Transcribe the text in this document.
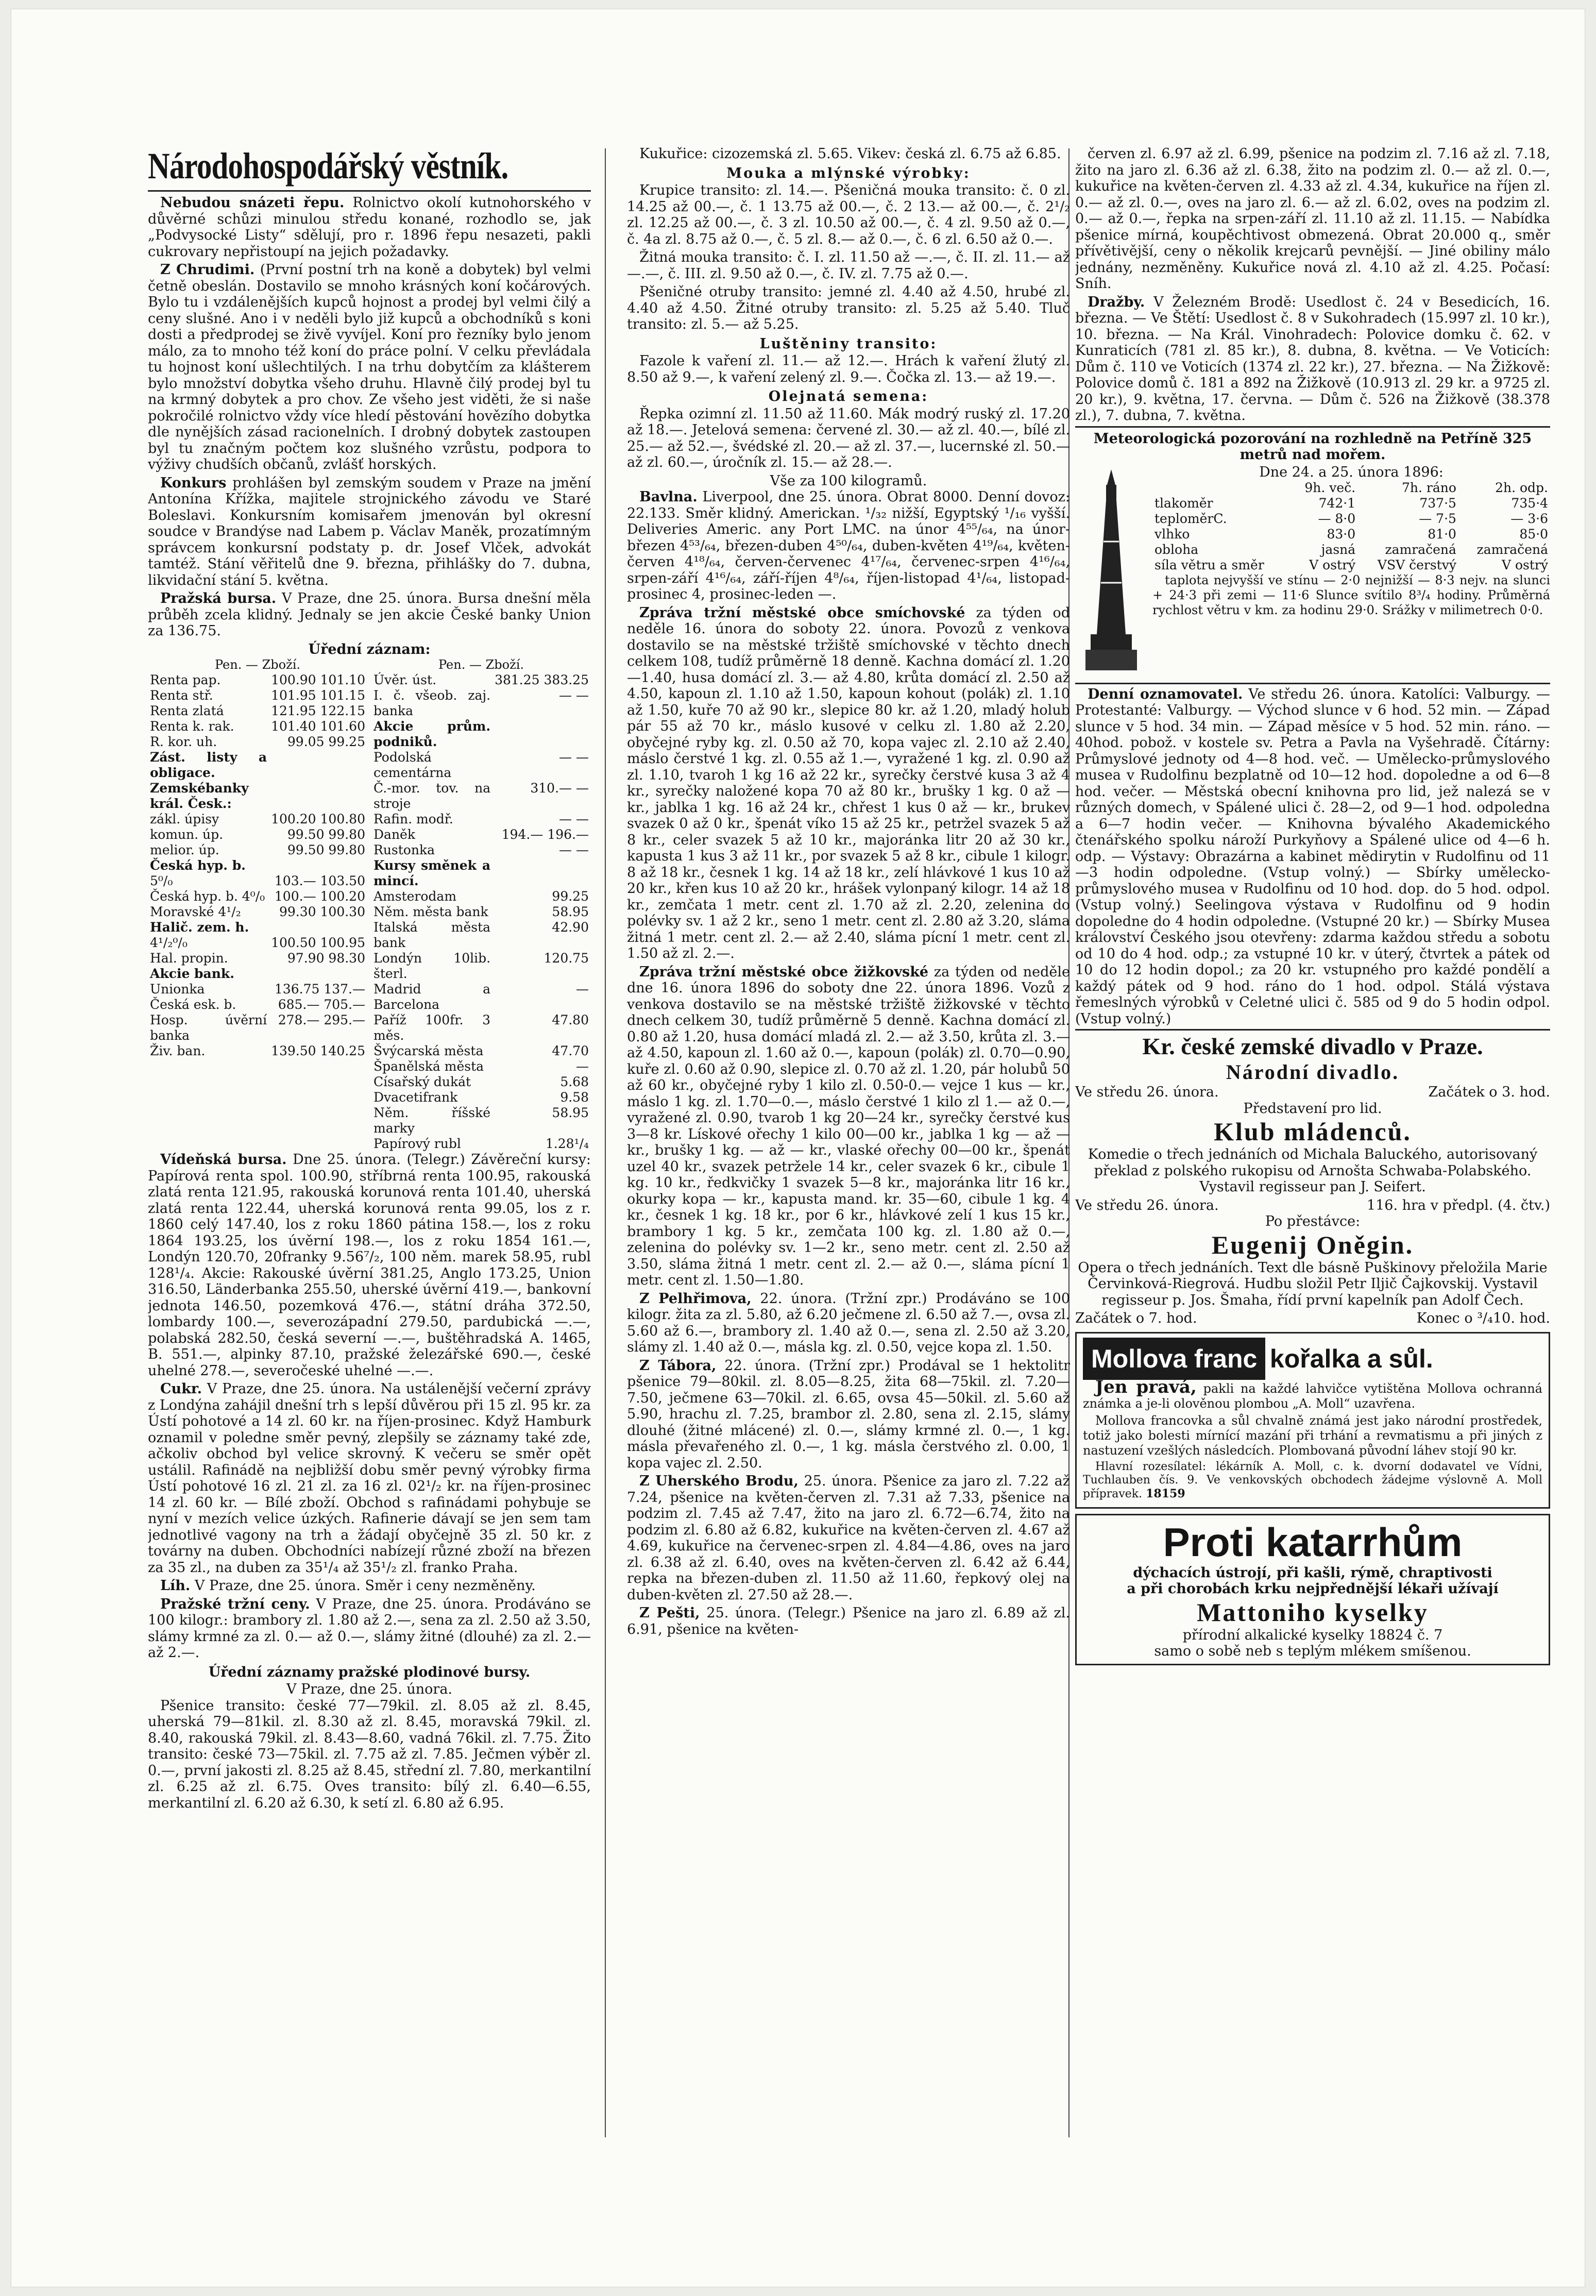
Národohospodářský věstník.

Nebudou snázeti řepu. Rolnictvo okolí kutnohorského v důvěrné schůzi minulou středu konané, rozhodlo se, jak „Podvysocké Listy“ sdělují, pro r. 1896 řepu nesazeti, pakli cukrovary nepřistoupí na jejich požadavky.

Z Chrudimi. (První postní trh na koně a dobytek) byl velmi četně obeslán. Dostavilo se mnoho krásných koní kočárových. Bylo tu i vzdálenějších kupců hojnost a prodej byl velmi čilý a ceny slušné. Ano i v neděli bylo již kupců a obchodníků s koni dosti a předprodej se živě vyvíjel. Koní pro řezníky bylo jenom málo, za to mnoho též koní do práce polní. V celku převládala tu hojnost koní ušlechtilých. I na trhu dobytčím za klášterem bylo množství dobytka všeho druhu. Hlavně čilý prodej byl tu na krmný dobytek a pro chov. Ze všeho jest viděti, že si naše pokročilé rolnictvo vždy více hledí pěstování hovězího dobytka dle nynějších zásad racionelních. I drobný dobytek zastoupen byl tu značným počtem koz slušného vzrůstu, podpora to výživy chudších občanů, zvlášť horských.

Konkurs prohlášen byl zemským soudem v Praze na jmění Antonína Křížka, majitele strojnického závodu ve Staré Boleslavi. Konkursním komisařem jmenován byl okresní soudce v Brandýse nad Labem p. Václav Maněk, prozatímným správcem konkursní podstaty p. dr. Josef Vlček, advokát tamtéž. Stání věřitelů dne 9. března, přihlášky do 7. dubna, likvidační stání 5. května.

Pražská bursa. V Praze, dne 25. února. Bursa dnešní měla průběh zcela klidný. Jednaly se jen akcie České banky Union za 136.75.

Úřední záznam:
Pen. — Zboží.
Renta pap.	100.90 101.10
Renta stř.	101.95 101.15
Renta zlatá	121.95 122.15
Renta k. rak.	101.40 101.60
R. kor. uh.	99.05 99.25
Zást. listy a obligace.	
Zemskébanky král. Česk.:	
zákl. úpisy	100.20 100.80
komun. úp.	99.50 99.80
melior. úp.	99.50 99.80
Česká hyp. b.	
5⁰/₀	103.— 103.50
Česká hyp. b. 4⁰/₀	100.— 100.20
Moravské 4¹/₂	99.30 100.30
Halič. zem. h.	
4¹/₂⁰/₀	100.50 100.95
Hal. propin.	97.90 98.30
Akcie bank.	
Unionka	136.75 137.—
Česká esk. b.	685.— 705.—
Hosp. úvěrní banka	278.— 295.—
Živ. ban.	139.50 140.25
Pen. — Zboží.
Úvěr. úst.	381.25 383.25
I. č. všeob. zaj. banka	— —
Akcie prům. podniků.	
Podolská cementárna	— —
Č.-mor. tov. na stroje	310.— —
Rafin. modř.	— —
Daněk	194.— 196.—
Rustonka	— —
Kursy směnek a mincí.	
Amsterodam	99.25
Něm. města bank	58.95
Italská města bank	42.90
Londýn 10lib. šterl.	120.75
Madrid a Barcelona	—
Paříž 100fr. 3 měs.	47.80
Švýcarská města	47.70
Španělská města	—
Císařský dukát	5.68
Dvacetifrank	9.58
Něm. říšské marky	58.95
Papírový rubl	1.28¹/₄

Vídeňská bursa. Dne 25. února. (Telegr.) Závěreční kursy: Papírová renta spol. 100.90, stříbrná renta 100.95, rakouská zlatá renta 121.95, rakouská korunová renta 101.40, uherská zlatá renta 122.44, uherská korunová renta 99.05, los z r. 1860 celý 147.40, los z roku 1860 pátina 158.—, los z roku 1864 193.25, los úvěrní 198.—, los z roku 1854 161.—, Londýn 120.70, 20franky 9.56⁷/₂, 100 něm. marek 58.95, rubl 128¹/₄. Akcie: Rakouské úvěrní 381.25, Anglo 173.25, Union 316.50, Länderbanka 255.50, uherské úvěrní 419.—, bankovní jednota 146.50, pozemková 476.—, státní dráha 372.50, lombardy 100.—, severozápadní 279.50, pardubická —.—, polabská 282.50, česká severní —.—, buštěhradská A. 1465, B. 551.—, alpinky 87.10, pražské železářské 690.—, české uhelné 278.—, severočeské uhelné —.—.

Cukr. V Praze, dne 25. února. Na ustálenější večerní zprávy z Londýna zahájil dnešní trh s lepší důvěrou při 15 zl. 95 kr. za Ústí pohotové a 14 zl. 60 kr. na říjen-prosinec. Když Hamburk oznamil v poledne směr pevný, zlepšily se záznamy také zde, ačkoliv obchod byl velice skrovný. K večeru se směr opět ustálil. Rafinádě na nejbližší dobu směr pevný výrobky firma Ústí pohotové 16 zl. 21 zl. za 16 zl. 02¹/₂ kr. na říjen-prosinec 14 zl. 60 kr. — Bílé zboží. Obchod s rafinádami pohybuje se nyní v mezích velice úzkých. Rafinerie dávají se jen sem tam jednotlivé vagony na trh a žádají obyčejně 35 zl. 50 kr. z továrny na duben. Obchodníci nabízejí různé zboží na březen za 35 zl., na duben za 35¹/₄ až 35¹/₂ zl. franko Praha.

Líh. V Praze, dne 25. února. Směr i ceny nezměněny.

Pražské tržní ceny. V Praze, dne 25. února. Prodáváno se 100 kilogr.: brambory zl. 1.80 až 2.—, sena za zl. 2.50 až 3.50, slámy krmné za zl. 0.— až 0.—, slámy žitné (dlouhé) za zl. 2.— až 2.—.

Úřední záznamy pražské plodinové bursy.
V Praze, dne 25. února.

Pšenice transito: české 77—79kil. zl. 8.05 až zl. 8.45, uherská 79—81kil. zl. 8.30 až zl. 8.45, moravská 79kil. zl. 8.40, rakouská 79kil. zl. 8.43—8.60, vadná 76kil. zl. 7.75. Žito transito: české 73—75kil. zl. 7.75 až zl. 7.85. Ječmen výběr zl. 0.—, první jakosti zl. 8.25 až 8.45, střední zl. 7.80, merkantilní zl. 6.25 až zl. 6.75. Oves transito: bílý zl. 6.40—6.55, merkantilní zl. 6.20 až 6.30, k setí zl. 6.80 až 6.95.

Kukuřice: cizozemská zl. 5.65. Vikev: česká zl. 6.75 až 6.85.

Mouka a mlýnské výrobky:

Krupice transito: zl. 14.—. Pšeničná mouka transito: č. 0 zl. 14.25 až 00.—, č. 1 13.75 až 00.—, č. 2 13.— až 00.—, č. 2¹/₂ zl. 12.25 až 00.—, č. 3 zl. 10.50 až 00.—, č. 4 zl. 9.50 až 0.—, č. 4a zl. 8.75 až 0.—, č. 5 zl. 8.— až 0.—, č. 6 zl. 6.50 až 0.—.

Žitná mouka transito: č. I. zl. 11.50 až —.—, č. II. zl. 11.— až —.—, č. III. zl. 9.50 až 0.—, č. IV. zl. 7.75 až 0.—.

Pšeničné otruby transito: jemné zl. 4.40 až 4.50, hrubé zl. 4.40 až 4.50. Žitné otruby transito: zl. 5.25 až 5.40. Tluč transito: zl. 5.— až 5.25.

Luštěniny transito:

Fazole k vaření zl. 11.— až 12.—. Hrách k vaření žlutý zl. 8.50 až 9.—, k vaření zelený zl. 9.—. Čočka zl. 13.— až 19.—.

Olejnatá semena:

Řepka ozimní zl. 11.50 až 11.60. Mák modrý ruský zl. 17.20 až 18.—. Jetelová semena: červené zl. 30.— až zl. 40.—, bílé zl. 25.— až 52.—, švédské zl. 20.— až zl. 37.—, lucernské zl. 50.— až zl. 60.—, úročník zl. 15.— až 28.—.

Vše za 100 kilogramů.

Bavlna. Liverpool, dne 25. února. Obrat 8000. Denní dovoz: 22.133. Směr klidný. Americkan. ¹/₃₂ nižší, Egyptský ¹/₁₆ vyšší. Deliveries Americ. any Port LMC. na únor 4⁵⁵/₆₄, na únor-březen 4⁵³/₆₄, březen-duben 4⁵⁰/₆₄, duben-květen 4¹⁹/₆₄, květen-červen 4¹⁸/₆₄, červen-červenec 4¹⁷/₆₄, červenec-srpen 4¹⁶/₆₄, srpen-září 4¹⁶/₆₄, září-říjen 4⁸/₆₄, říjen-listopad 4¹/₆₄, listopad-prosinec 4, prosinec-leden —.

Zpráva tržní městské obce smíchovské za týden od neděle 16. února do soboty 22. února. Povozů z venkova dostavilo se na městské tržiště smíchovské v těchto dnech celkem 108, tudíž průměrně 18 denně. Kachna domácí zl. 1.20—1.40, husa domácí zl. 3.— až 4.80, krůta domácí zl. 2.50 až 4.50, kapoun zl. 1.10 až 1.50, kapoun kohout (polák) zl. 1.10 až 1.50, kuře 70 až 90 kr., slepice 80 kr. až 1.20, mladý holub pár 55 až 70 kr., máslo kusové v celku zl. 1.80 až 2.20, obyčejné ryby kg. zl. 0.50 až 70, kopa vajec zl. 2.10 až 2.40, máslo čerstvé 1 kg. zl. 0.55 až 1.—, vyražené 1 kg. zl. 0.90 až zl. 1.10, tvaroh 1 kg 16 až 22 kr., syrečky čerstvé kusa 3 až 4 kr., syrečky naložené kopa 70 až 80 kr., brušky 1 kg. 0 až — kr., jablka 1 kg. 16 až 24 kr., chřest 1 kus 0 až — kr., brukev svazek 0 až 0 kr., špenát víko 15 až 25 kr., petržel svazek 5 až 8 kr., celer svazek 5 až 10 kr., majoránka litr 20 až 30 kr., kapusta 1 kus 3 až 11 kr., por svazek 5 až 8 kr., cibule 1 kilogr. 8 až 18 kr., česnek 1 kg. 14 až 18 kr., zelí hlávkové 1 kus 10 až 20 kr., křen kus 10 až 20 kr., hrášek vylonpaný kilogr. 14 až 18 kr., zemčata 1 metr. cent zl. 1.70 až zl. 2.20, zelenina do polévky sv. 1 až 2 kr., seno 1 metr. cent zl. 2.80 až 3.20, sláma žitná 1 metr. cent zl. 2.— až 2.40, sláma pícní 1 metr. cent zl. 1.50 až zl. 2.—.

Zpráva tržní městské obce žižkovské za týden od neděle dne 16. února 1896 do soboty dne 22. února 1896. Vozů z venkova dostavilo se na městské tržiště žižkovské v těchto dnech celkem 30, tudíž průměrně 5 denně. Kachna domácí zl. 0.80 až 1.20, husa domácí mladá zl. 2.— až 3.50, krůta zl. 3.— až 4.50, kapoun zl. 1.60 až 0.—, kapoun (polák) zl. 0.70—0.90, kuře zl. 0.60 až 0.90, slepice zl. 0.70 až zl. 1.20, pár holubů 50 až 60 kr., obyčejné ryby 1 kilo zl. 0.50-0.— vejce 1 kus — kr., máslo 1 kg. zl. 1.70—0.—, máslo čerstvé 1 kilo zl 1.— až 0.—, vyražené zl. 0.90, tvarob 1 kg 20—24 kr., syrečky čerstvé kus 3—8 kr. Lískové ořechy 1 kilo 00—00 kr., jablka 1 kg — až — kr., brušky 1 kg. — až — kr., vlaské ořechy 00—00 kr., špenát uzel 40 kr., svazek petržele 14 kr., celer svazek 6 kr., cibule 1 kg. 10 kr., ředkvičky 1 svazek 5—8 kr., majoránka litr 16 kr., okurky kopa — kr., kapusta mand. kr. 35—60, cibule 1 kg. 4 kr., česnek 1 kg. 18 kr., por 6 kr., hlávkové zelí 1 kus 15 kr., brambory 1 kg. 5 kr., zemčata 100 kg. zl. 1.80 až 0.—, zelenina do polévky sv. 1—2 kr., seno metr. cent zl. 2.50 až 3.50, sláma žitná 1 metr. cent zl. 2.— až 0.—, sláma pícní 1 metr. cent zl. 1.50—1.80.

Z Pelhřimova, 22. února. (Tržní zpr.) Prodáváno se 100 kilogr. žita za zl. 5.80, až 6.20 ječmene zl. 6.50 až 7.—, ovsa zl. 5.60 až 6.—, brambory zl. 1.40 až 0.—, sena zl. 2.50 až 3.20, slámy zl. 1.40 až 0.—, másla kg. zl. 0.50, vejce kopa zl. 1.50.

Z Tábora, 22. února. (Tržní zpr.) Prodával se 1 hektolitr pšenice 79—80kil. zl. 8.05—8.25, žita 68—75kil. zl. 7.20—7.50, ječmene 63—70kil. zl. 6.65, ovsa 45—50kil. zl. 5.60 až 5.90, hrachu zl. 7.25, brambor zl. 2.80, sena zl. 2.15, slámy dlouhé (žitné mlácené) zl. 0.—, slámy krmné zl. 0.—, 1 kg. másla převařeného zl. 0.—, 1 kg. másla čerstvého zl. 0.00, 1 kopa vajec zl. 2.50.

Z Uherského Brodu, 25. února. Pšenice za jaro zl. 7.22 až 7.24, pšenice na květen-červen zl. 7.31 až 7.33, pšenice na podzim zl. 7.45 až 7.47, žito na jaro zl. 6.72—6.74, žito na podzim zl. 6.80 až 6.82, kukuřice na květen-červen zl. 4.67 až 4.69, kukuřice na červenec-srpen zl. 4.84—4.86, oves na jaro zl. 6.38 až zl. 6.40, oves na květen-červen zl. 6.42 až 6.44, repka na březen-duben zl. 11.50 až 11.60, řepkový olej na duben-květen zl. 27.50 až 28.—.

Z Pešti, 25. února. (Telegr.) Pšenice na jaro zl. 6.89 až zl. 6.91, pšenice na květen-

červen zl. 6.97 až zl. 6.99, pšenice na podzim zl. 7.16 až zl. 7.18, žito na jaro zl. 6.36 až zl. 6.38, žito na podzim zl. 0.— až zl. 0.—, kukuřice na květen-červen zl. 4.33 až zl. 4.34, kukuřice na říjen zl. 0.— až zl. 0.—, oves na jaro zl. 6.— až zl. 6.02, oves na podzim zl. 0.— až 0.—, řepka na srpen-září zl. 11.10 až zl. 11.15. — Nabídka pšenice mírná, koupěchtivost obmezená. Obrat 20.000 q., směr přívětivější, ceny o několik krejcarů pevnější. — Jiné obiliny málo jednány, nezměněny. Kukuřice nová zl. 4.10 až zl. 4.25. Počasí: Sníh.

Dražby. V Železném Brodě: Usedlost č. 24 v Besedicích, 16. března. — Ve Štětí: Usedlost č. 8 v Sukohradech (15.997 zl. 10 kr.), 10. března. — Na Král. Vinohradech: Polovice domku č. 62. v Kunraticích (781 zl. 85 kr.), 8. dubna, 8. května. — Ve Voticích: Dům č. 110 ve Voticích (1374 zl. 22 kr.), 27. března. — Na Žižkově: Polovice domů č. 181 a 892 na Žižkově (10.913 zl. 29 kr. a 9725 zl. 20 kr.), 9. května, 17. června. — Dům č. 526 na Žižkově (38.378 zl.), 7. dubna, 7. května.

Meteorologická pozorování na rozhledně na Petříně 325 metrů nad mořem.
Dne 24. a 25. února 1896:
	9h. več.	7h. ráno	2h. odp.
tlakoměr	742·1	737·5	735·4
teploměrC.	— 8·0	— 7·5	— 3·6
vlhko	83·0	81·0	85·0
obloha	jasná	zamračená	zamračená
síla větru a směr	V ostrý	VSV čerstvý	V ostrý

taplota nejvyšší ve stínu — 2·0 nejnižší — 8·3 nejv. na slunci + 24·3 při zemi — 11·6 Slunce svítilo 8³/₄ hodiny. Průměrná rychlost větru v km. za hodinu 29·0. Srážky v milimetrech 0·0.

Denní oznamovatel. Ve středu 26. února. Katolíci: Valburgy. — Protestanté: Valburgy. — Východ slunce v 6 hod. 52 min. — Západ slunce v 5 hod. 34 min. — Západ měsíce v 5 hod. 52 min. ráno. — 40hod. pobož. v kostele sv. Petra a Pavla na Vyšehradě. Čítárny: Průmyslové jednoty od 4—8 hod. več. — Umělecko-průmyslového musea v Rudolfinu bezplatně od 10—12 hod. dopoledne a od 6—8 hod. večer. — Městská obecní knihovna pro lid, jež nalezá se v různých domech, v Spálené ulici č. 28—2, od 9—1 hod. odpoledna a 6—7 hodin večer. — Knihovna bývalého Akademického čtenářského spolku nároží Purkyňovy a Spálené ulice od 4—6 h. odp. — Výstavy: Obrazárna a kabinet mědirytin v Rudolfinu od 11—3 hodin odpoledne. (Vstup volný.) — Sbírky umělecko-průmyslového musea v Rudolfinu od 10 hod. dop. do 5 hod. odpol. (Vstup volný.) Seelingova výstava v Rudolfinu od 9 hodin dopoledne do 4 hodin odpoledne. (Vstupné 20 kr.) — Sbírky Musea království Českého jsou otevřeny: zdarma každou středu a sobotu od 10 do 4 hod. odp.; za vstupné 10 kr. v úterý, čtvrtek a pátek od 10 do 12 hodin dopol.; za 20 kr. vstupného pro každé pondělí a každý pátek od 9 hod. ráno do 1 hod. odpol. Stálá výstava řemeslných výrobků v Celetné ulici č. 585 od 9 do 5 hodin odpol. (Vstup volný.)

Kr. české zemské divadlo v Praze.
Národní divadlo.
Ve středu 26. února.	Začátek o 3. hod.
Představení pro lid.
Klub mládenců.

Komedie o třech jednáních od Michala Baluckého, autorisovaný překlad z polského rukopisu od Arnošta Schwaba-Polabského. Vystavil regisseur pan J. Seifert.

Ve středu 26. února.	116. hra v předpl. (4. čtv.)
Po přestávce:
Eugenij Oněgin.

Opera o třech jednáních. Text dle básně Puškinovy přeložila Marie Červinková-Riegrová. Hudbu složil Petr Iljič Čajkovskij. Vystavil regisseur p. Jos. Šmaha, řídí první kapelník pan Adolf Čech.

Začátek o 7. hod.	Konec o ³/₄10. hod.
Mollova franc kořalka a sůl.

Jen pravá, pakli na každé lahvičce vytištěna Mollova ochranná známka a je-li olověnou plombou „A. Moll“ uzavřena.

Mollova francovka a sůl chvalně známá jest jako národní prostředek, totiž jako bolesti mírnící mazání při trhání a revmatismu a při jiných z nastuzení vzešlých následcích. Plombovaná původní láhev stojí 90 kr.

Hlavní rozesílatel: lékárník A. Moll, c. k. dvorní dodavatel ve Vídni, Tuchlauben čís. 9. Ve venkovských obchodech žádejme výslovně A. Moll přípravek. 18159

Proti katarrhům
dýchacích ústrojí, při kašli, rýmě, chraptivosti
a při chorobách krku nejpřednější lékaři užívají
Mattoniho kyselky
přírodní alkalické kyselky 18824 č. 7
samo o sobě neb s teplým mlékem smíšenou.
